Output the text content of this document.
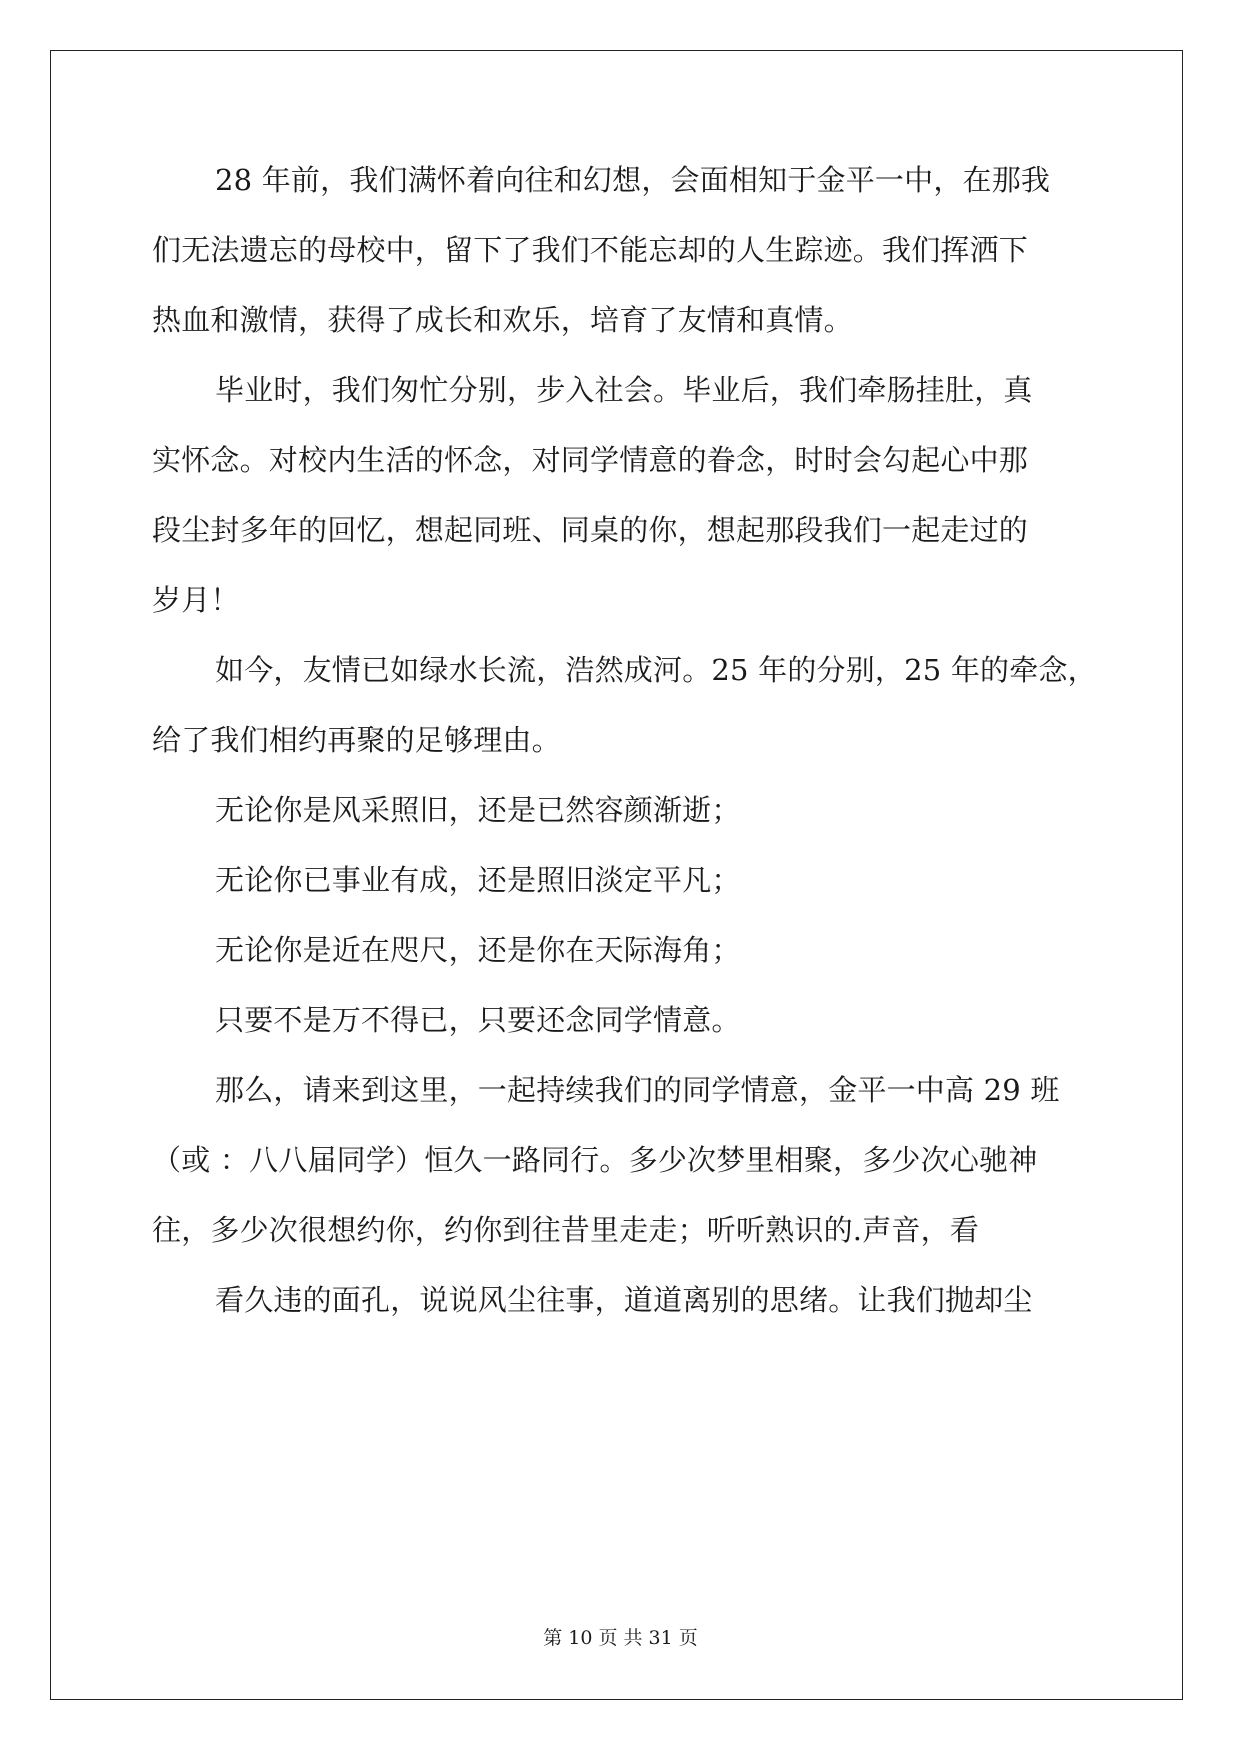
28 年前，我们满怀着向往和幻想，会面相知于金平一中，在那我
们无法遗忘的母校中，留下了我们不能忘却的人生踪迹。我们挥洒下
热血和激情，获得了成长和欢乐，培育了友情和真情。
毕业时，我们匆忙分别，步入社会。毕业后，我们牵肠挂肚，真
实怀念。对校内生活的怀念，对同学情意的眷念，时时会勾起心中那
段尘封多年的回忆，想起同班、同桌的你，想起那段我们一起走过的
岁月！
如今，友情已如绿水长流，浩然成河。25 年的分别，25 年的牵念，
给了我们相约再聚的足够理由。
无论你是风采照旧，还是已然容颜渐逝；
无论你已事业有成，还是照旧淡定平凡；
无论你是近在咫尺，还是你在天际海角；
只要不是万不得已，只要还念同学情意。
那么，请来到这里，一起持续我们的同学情意，金平一中高 29 班
（或 ：八八届同学）恒久一路同行。多少次梦里相聚，多少次心驰神
往，多少次很想约你，约你到往昔里走走；听听熟识的.声音，看
看久违的面孔，说说风尘往事，道道离别的思绪。让我们抛却尘
第 10 页 共 31 页
